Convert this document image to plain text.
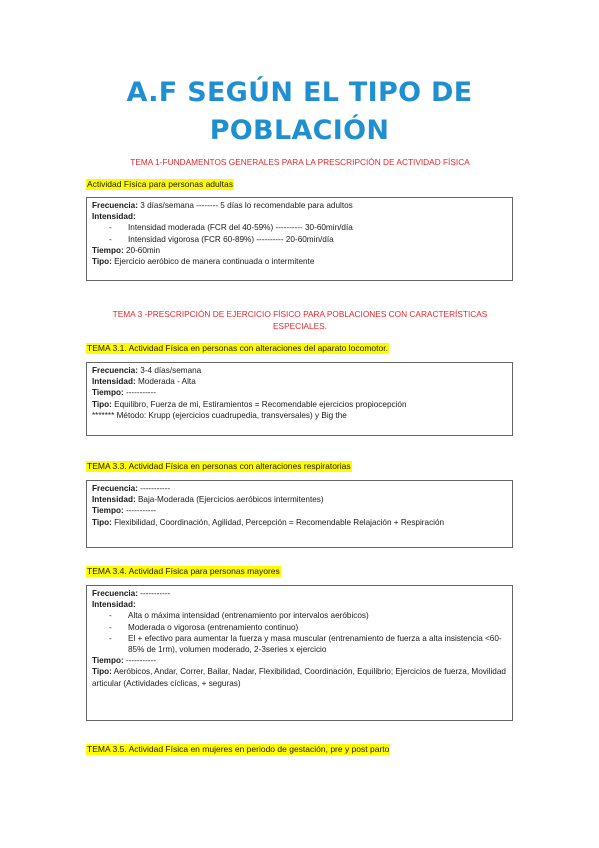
A.F SEGÚN EL TIPO DE
POBLACIÓN
TEMA 1-FUNDAMENTOS GENERALES PARA LA PRESCRIPCIÓN DE ACTIVIDAD FÍSICA
Actividad Física para personas adultas
Frecuencia: 3 días/semana -------- 5 días lo recomendable para adultos
Intensidad:
- Intensidad moderada (FCR del 40-59%) ---------- 30-60min/día
- Intensidad vigorosa (FCR 60-89%) ---------- 20-60min/día
Tiempo: 20-60min
Tipo: Ejercicio aeróbico de manera continuada o intermitente
TEMA 3 -PRESCRIPCIÓN DE EJERCICIO FÍSICO PARA POBLACIONES CON CARACTERÍSTICAS
ESPECIALES.
TEMA 3.1. Actividad Física en personas con alteraciones del aparato locomotor.
Frecuencia: 3-4 días/semana
Intensidad: Moderada - Alta
Tiempo: -----------
Tipo: Equilibro, Fuerza de mi, Estiramientos = Recomendable ejercicios propiocepción
******* Método: Krupp (ejercicios cuadrupedia, transversales) y Big the
TEMA 3.3. Actividad Física en personas con alteraciones respiratorias
Frecuencia: -----------
Intensidad: Baja-Moderada (Ejercicios aeróbicos intermitentes)
Tiempo: -----------
Tipo: Flexibilidad, Coordinación, Agilidad, Percepción = Recomendable Relajación + Respiración
TEMA 3.4. Actividad Física para personas mayores
Frecuencia: -----------
Intensidad:
- Alta o máxima intensidad (entrenamiento por intervalos aeróbicos)
- Moderada o vigorosa (entrenamiento continuo)
- El + efectivo para aumentar la fuerza y masa muscular (entrenamiento de fuerza a alta insistencia <60-85% de 1rm), volumen moderado, 2-3series x ejercicio
Tiempo: -----------
Tipo: Aeróbicos, Andar, Correr, Bailar, Nadar, Flexibilidad, Coordinación, Equilibrio; Ejercicios de fuerza, Movilidad articular (Actividades cíclicas, + seguras)
TEMA 3.5. Actividad Física en mujeres en periodo de gestación, pre y post parto
